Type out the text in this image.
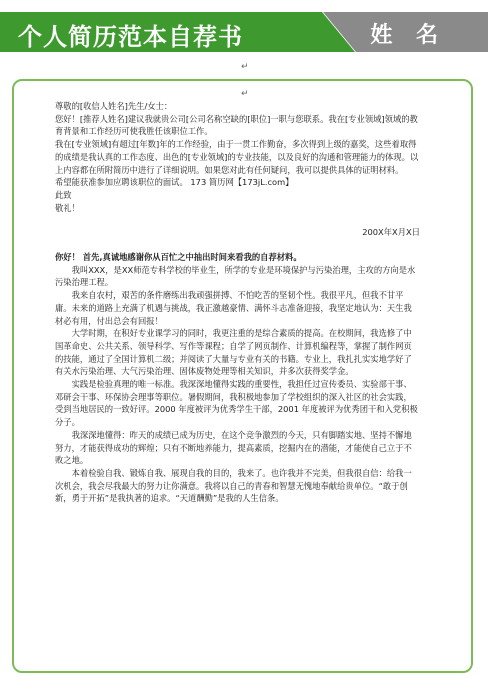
个人简历范本自荐书	姓 名
↵
↵

尊敬的[收信人姓名]先生/女士：

您好！[推荐人姓名]建议我就贵公司[公司名称空缺的[职位]一职与您联系。我在[专业领域]领域的教育背景和工作经历可使我胜任该职位工作。

我在[专业领域]有超过[年数]年的工作经验，由于一贯工作勤奋，多次得到上级的嘉奖，这些着取得的成绩是我认真的工作态度、出色的[专业领域]的专业技能，以及良好的沟通和管理能力的体现。以上内容都在所附简历中进行了详细说明。如果您对此有任何疑问，我可以提供具体的证明材料。

希望能获准参加应聘该职位的面试。 173 简历网【173jL.com】

此致

敬礼！

200X年X月X日

你好！ 首先,真诚地感谢你从百忙之中抽出时间来看我的自荐材料。

我叫XXX，是XX师范专科学校的毕业生，所学的专业是环境保护与污染治理，主攻的方向是水污染治理工程。

我来自农村，艰苦的条件磨练出我顽强拼搏、不怕吃苦的坚韧个性。我很平凡，但我不甘平庸。未来的道路上充满了机遇与挑战，我正激越豪情、满怀斗志准备迎接，我坚定地认为：天生我材必有用，付出总会有回报！

大学时期，在积好专业课学习的同时，我更注重的是综合素质的提高。在校期间，我选修了中国革命史、公共关系、领导科学、写作等课程；自学了网页制作、计算机编程等，掌握了制作网页的技能，通过了全国计算机二级；并阅读了大量与专业有关的书籍。专业上，我扎扎实实地学好了有关水污染治理、大气污染治理、固体废物处理等相关知识，并多次获得奖学金。

实践是检验真理的唯一标准。我深深地懂得实践的重要性，我担任过宣传委员、实验部干事、邓研会干事、环保协会理事等职位。暑假期间，我积极地参加了学校组织的深入社区的社会实践，受到当地居民的一致好评。2000 年度被评为优秀学生干部，2001 年度被评为优秀团干和入党积极分子。

我深深地懂得：昨天的成绩已成为历史，在这个竞争激烈的今天，只有脚踏实地、坚持不懈地努力，才能获得成功的辉煌；只有不断地养能力，提高素质，挖掘内在的潜能，才能使自己立于不败之地。

本着检验自我、锻炼自我、展现自我的目的，我来了。也许我并不完美，但我很自信：给我一次机会，我会尽我最大的努力让你满意。我将以自己的青春和智慧无愧地奉献给贵单位。“敢于创新，勇于开拓”是我执著的追求。“天道酬勤”是我的人生信条。
